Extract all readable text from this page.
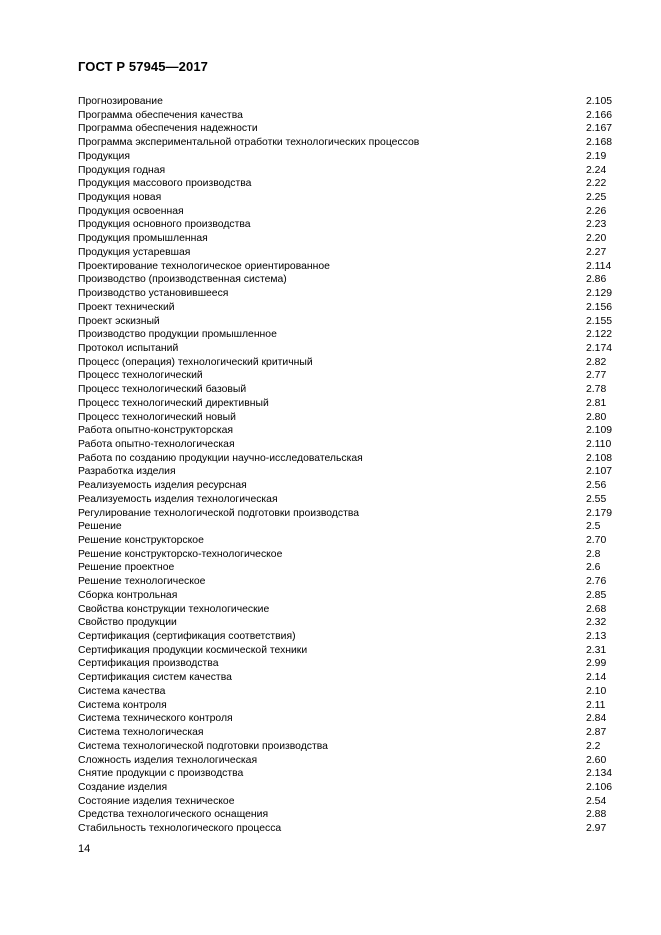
ГОСТ Р 57945—2017
Прогнозирование	2.105
Программа обеспечения качества	2.166
Программа обеспечения надежности	2.167
Программа экспериментальной отработки технологических процессов	2.168
Продукция	2.19
Продукция годная	2.24
Продукция массового производства	2.22
Продукция новая	2.25
Продукция освоенная	2.26
Продукция основного производства	2.23
Продукция промышленная	2.20
Продукция устаревшая	2.27
Проектирование технологическое ориентированное	2.114
Производство (производственная система)	2.86
Производство установившееся	2.129
Проект технический	2.156
Проект эскизный	2.155
Производство продукции промышленное	2.122
Протокол испытаний	2.174
Процесс (операция) технологический критичный	2.82
Процесс технологический	2.77
Процесс технологический базовый	2.78
Процесс технологический директивный	2.81
Процесс технологический новый	2.80
Работа опытно-конструкторская	2.109
Работа опытно-технологическая	2.110
Работа по созданию продукции научно-исследовательская	2.108
Разработка изделия	2.107
Реализуемость изделия ресурсная	2.56
Реализуемость изделия технологическая	2.55
Регулирование технологической подготовки производства	2.179
Решение	2.5
Решение конструкторское	2.70
Решение конструкторско-технологическое	2.8
Решение проектное	2.6
Решение технологическое	2.76
Сборка контрольная	2.85
Свойства конструкции технологические	2.68
Свойство продукции	2.32
Сертификация (сертификация соответствия)	2.13
Сертификация продукции космической техники	2.31
Сертификация производства	2.99
Сертификация систем качества	2.14
Система качества	2.10
Система контроля	2.11
Система технического контроля	2.84
Система технологическая	2.87
Система технологической подготовки производства	2.2
Сложность изделия технологическая	2.60
Снятие продукции с производства	2.134
Создание изделия	2.106
Состояние изделия техническое	2.54
Средства технологического оснащения	2.88
Стабильность технологического процесса	2.97
14
